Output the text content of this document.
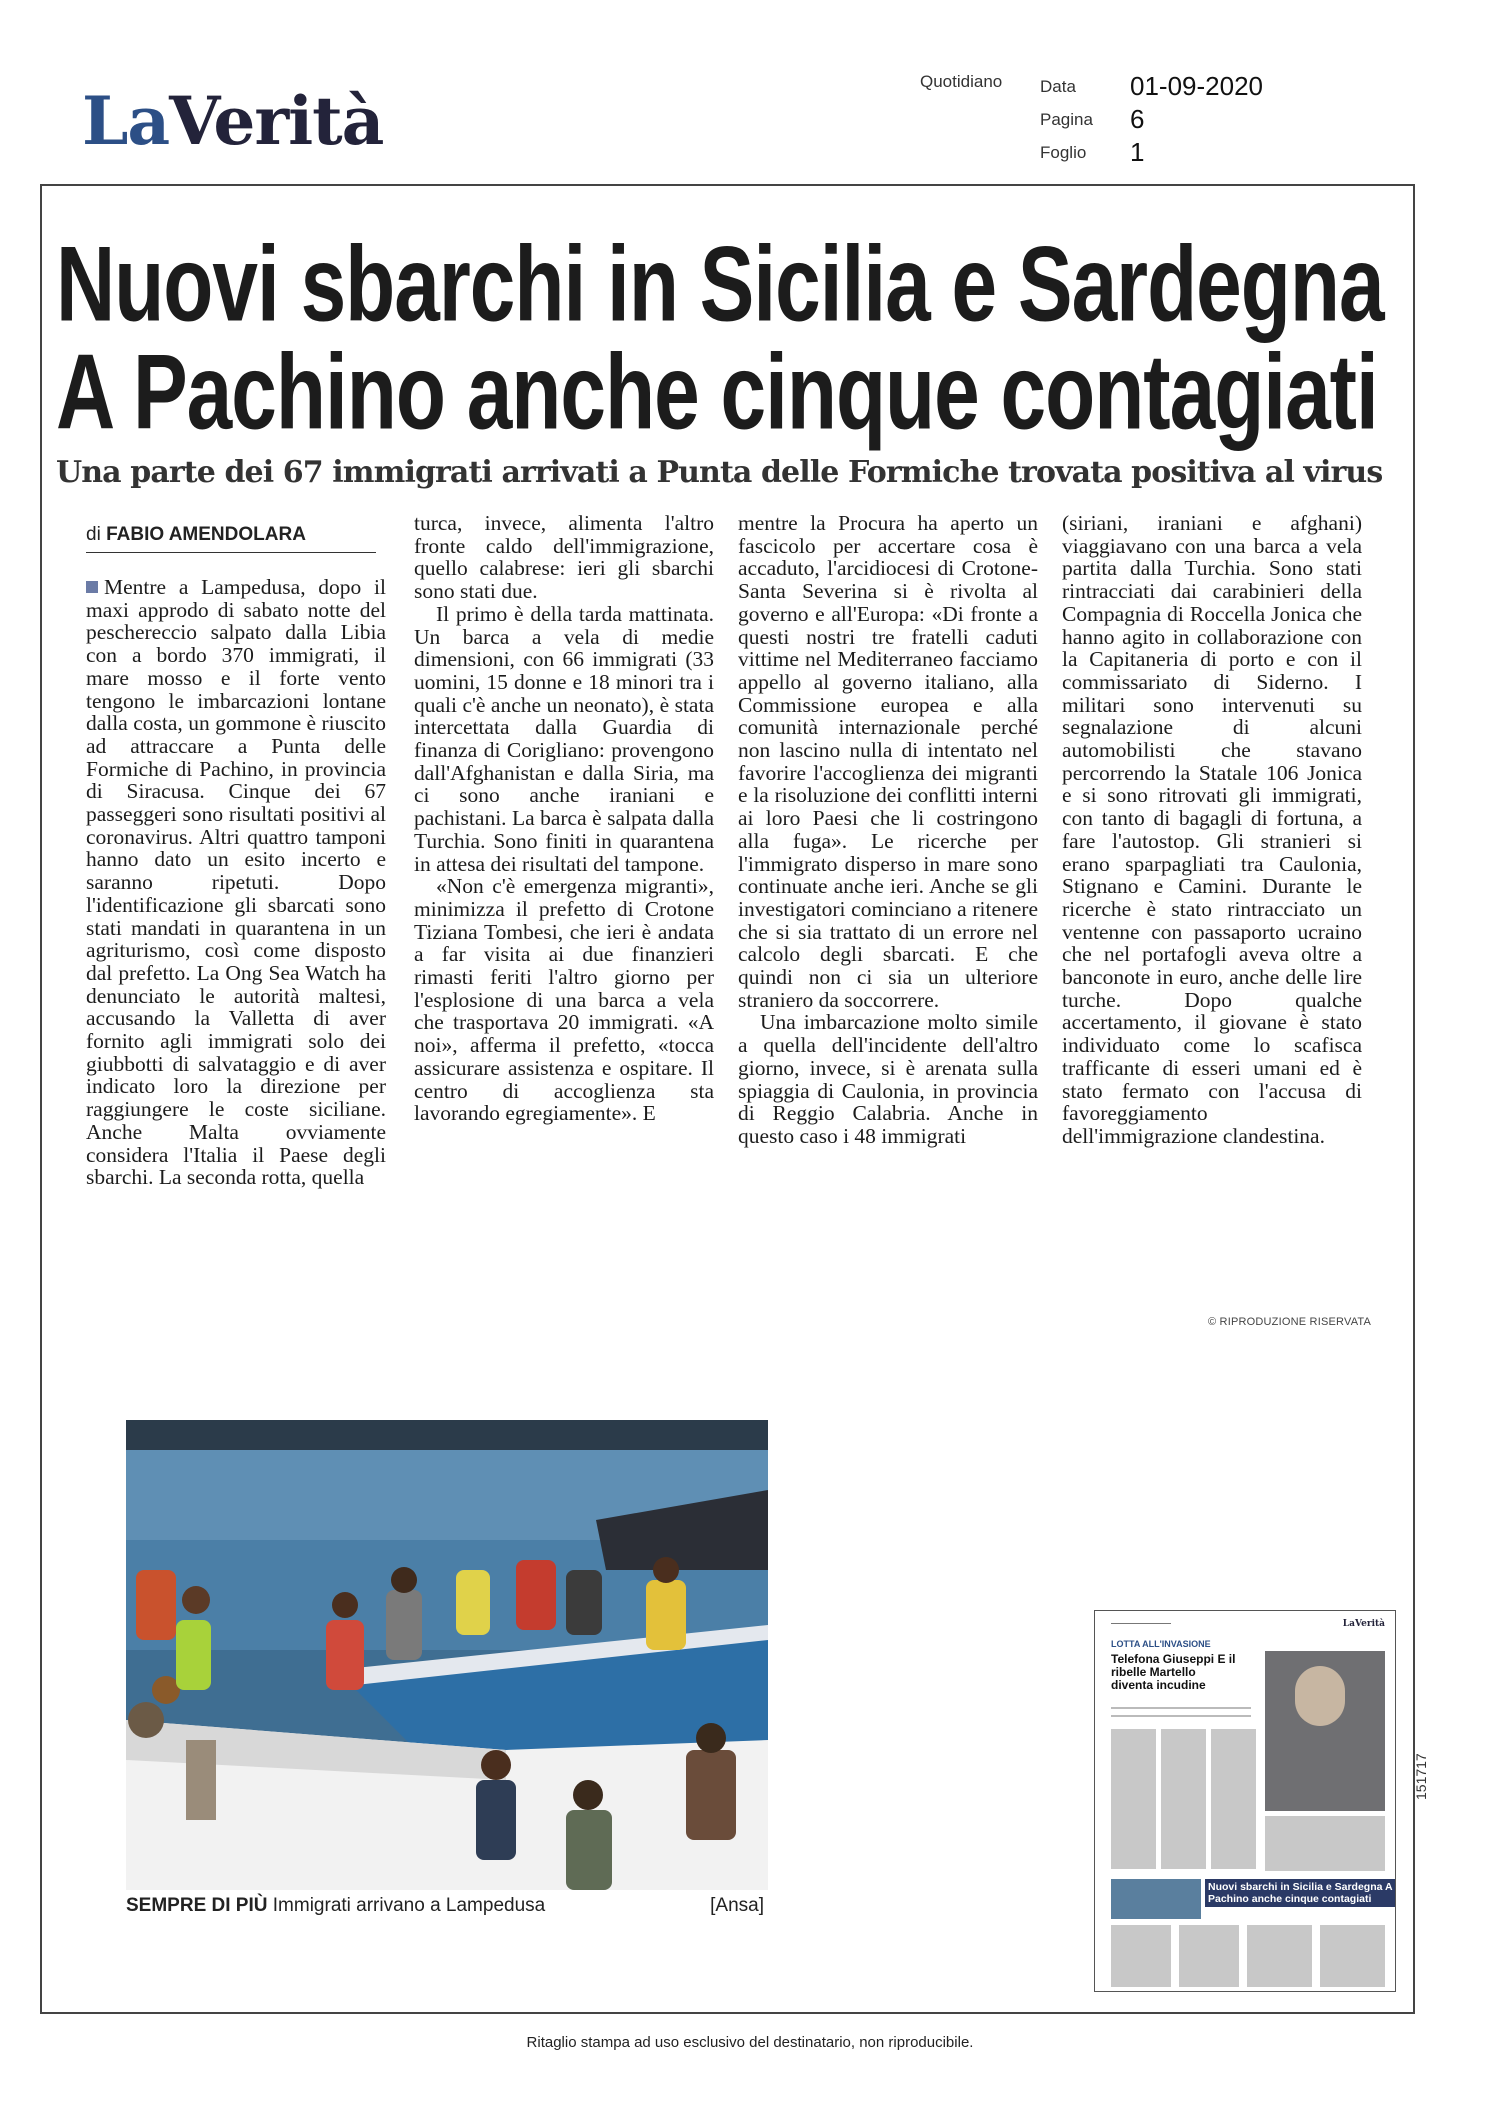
LaVerità
Quotidiano Data 01-09-2020
Pagina 6
Foglio 1
Nuovi sbarchi in Sicilia e Sardegna
A Pachino anche cinque contagiati
Una parte dei 67 immigrati arrivati a Punta delle Formiche trovata positiva al virus
di FABIO AMENDOLARA

Mentre a Lampedusa, dopo il maxi approdo di sabato notte del peschereccio salpato dalla Libia con a bordo 370 immigrati, il mare mosso e il forte vento tengono le imbarcazioni lontane dalla costa, un gommone è riuscito ad attraccare a Punta delle Formiche di Pachino, in provincia di Siracusa. Cinque dei 67 passeggeri sono risultati positivi al coronavirus. Altri quattro tamponi hanno dato un esito incerto e saranno ripetuti. Dopo l'identificazione gli sbarcati sono stati mandati in quarantena in un agriturismo, così come disposto dal prefetto. La Ong Sea Watch ha denunciato le autorità maltesi, accusando la Valletta di aver fornito agli immigrati solo dei giubbotti di salvataggio e di aver indicato loro la direzione per raggiungere le coste siciliane. Anche Malta ovviamente considera l'Italia il Paese degli sbarchi. La seconda rotta, quella

turca, invece, alimenta l'altro fronte caldo dell'immigrazione, quello calabrese: ieri gli sbarchi sono stati due.

Il primo è della tarda mattinata. Un barca a vela di medie dimensioni, con 66 immigrati (33 uomini, 15 donne e 18 minori tra i quali c'è anche un neonato), è stata intercettata dalla Guardia di finanza di Corigliano: provengono dall'Afghanistan e dalla Siria, ma ci sono anche iraniani e pachistani. La barca è salpata dalla Turchia. Sono finiti in quarantena in attesa dei risultati del tampone.

«Non c'è emergenza migranti», minimizza il prefetto di Crotone Tiziana Tombesi, che ieri è andata a far visita ai due finanzieri rimasti feriti l'altro giorno per l'esplosione di una barca a vela che trasportava 20 immigrati. «A noi», afferma il prefetto, «tocca assicurare assistenza e ospitare. Il centro di accoglienza sta lavorando egregiamente». E

mentre la Procura ha aperto un fascicolo per accertare cosa è accaduto, l'arcidiocesi di Crotone-Santa Severina si è rivolta al governo e all'Europa: «Di fronte a questi nostri tre fratelli caduti vittime nel Mediterraneo facciamo appello al governo italiano, alla Commissione europea e alla comunità internazionale perché non lascino nulla di intentato nel favorire l'accoglienza dei migranti e la risoluzione dei conflitti interni ai loro Paesi che li costringono alla fuga». Le ricerche per l'immigrato disperso in mare sono continuate anche ieri. Anche se gli investigatori cominciano a ritenere che si sia trattato di un errore nel calcolo degli sbarcati. E che quindi non ci sia un ulteriore straniero da soccorrere.

Una imbarcazione molto simile a quella dell'incidente dell'altro giorno, invece, si è arenata sulla spiaggia di Caulonia, in provincia di Reggio Calabria. Anche in questo caso i 48 immigrati

(siriani, iraniani e afghani) viaggiavano con una barca a vela partita dalla Turchia. Sono stati rintracciati dai carabinieri della Compagnia di Roccella Jonica che hanno agito in collaborazione con la Capitaneria di porto e con il commissariato di Siderno. I militari sono intervenuti su segnalazione di alcuni automobilisti che stavano percorrendo la Statale 106 Jonica e si sono ritrovati gli immigrati, con tanto di bagagli di fortuna, a fare l'autostop. Gli stranieri si erano sparpagliati tra Caulonia, Stignano e Camini. Durante le ricerche è stato rintracciato un ventenne con passaporto ucraino che nel portafogli aveva oltre a banconote in euro, anche delle lire turche. Dopo qualche accertamento, il giovane è stato individuato come lo scafisca trafficante di esseri umani ed è stato fermato con l'accusa di favoreggiamento dell'immigrazione clandestina.

© RIPRODUZIONE RISERVATA
SEMPRE DI PIÙ Immigrati arrivano a Lampedusa	[Ansa]
LaVerità
LOTTA ALL'INVASIONE
Telefona Giuseppi E il ribelle Martello diventa incudine
Nuovi sbarchi in Sicilia e Sardegna A Pachino anche cinque contagiati
151717
Ritaglio stampa ad uso esclusivo del destinatario, non riproducibile.
